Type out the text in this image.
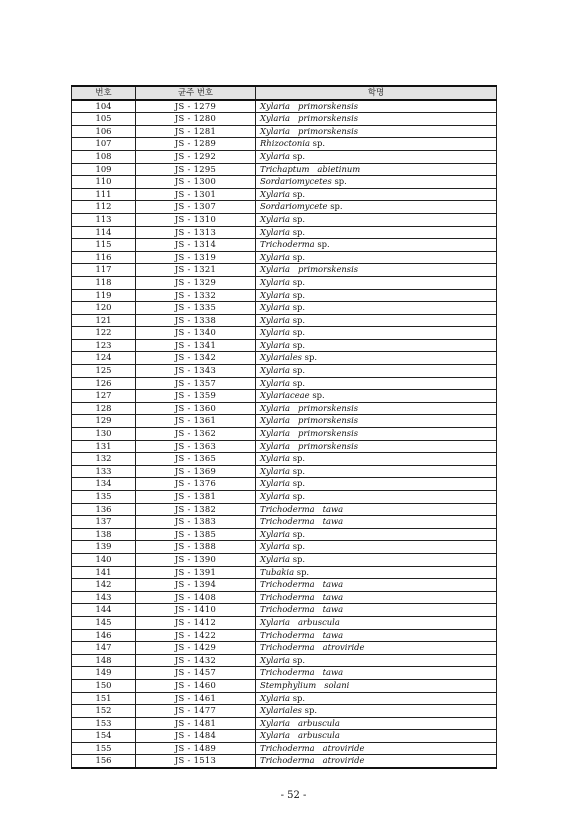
번호	균주 번호	학명
104	JS - 1279	Xylaria primorskensis
105	JS - 1280	Xylaria primorskensis
106	JS - 1281	Xylaria primorskensis
107	JS - 1289	Rhizoctonia sp.
108	JS - 1292	Xylaria sp.
109	JS - 1295	Trichaptum abietinum
110	JS - 1300	Sordariomycetes sp.
111	JS - 1301	Xylaria sp.
112	JS - 1307	Sordariomycete sp.
113	JS - 1310	Xylaria sp.
114	JS - 1313	Xylaria sp.
115	JS - 1314	Trichoderma sp.
116	JS - 1319	Xylaria sp.
117	JS - 1321	Xylaria primorskensis
118	JS - 1329	Xylaria sp.
119	JS - 1332	Xylaria sp.
120	JS - 1335	Xylaria sp.
121	JS - 1338	Xylaria sp.
122	JS - 1340	Xylaria sp.
123	JS - 1341	Xylaria sp.
124	JS - 1342	Xylariales sp.
125	JS - 1343	Xylaria sp.
126	JS - 1357	Xylaria sp.
127	JS - 1359	Xylariaceae sp.
128	JS - 1360	Xylaria primorskensis
129	JS - 1361	Xylaria primorskensis
130	JS - 1362	Xylaria primorskensis
131	JS - 1363	Xylaria primorskensis
132	JS - 1365	Xylaria sp.
133	JS - 1369	Xylaria sp.
134	JS - 1376	Xylaria sp.
135	JS - 1381	Xylaria sp.
136	JS - 1382	Trichoderma tawa
137	JS - 1383	Trichoderma tawa
138	JS - 1385	Xylaria sp.
139	JS - 1388	Xylaria sp.
140	JS - 1390	Xylaria sp.
141	JS - 1391	Tubakia sp.
142	JS - 1394	Trichoderma tawa
143	JS - 1408	Trichoderma tawa
144	JS - 1410	Trichoderma tawa
145	JS - 1412	Xylaria arbuscula
146	JS - 1422	Trichoderma tawa
147	JS - 1429	Trichoderma atroviride
148	JS - 1432	Xylaria sp.
149	JS - 1457	Trichoderma tawa
150	JS - 1460	Stemphylium solani
151	JS - 1461	Xylaria sp.
152	JS - 1477	Xylariales sp.
153	JS - 1481	Xylaria arbuscula
154	JS - 1484	Xylaria arbuscula
155	JS - 1489	Trichoderma atroviride
156	JS - 1513	Trichoderma atroviride
- 52 -
